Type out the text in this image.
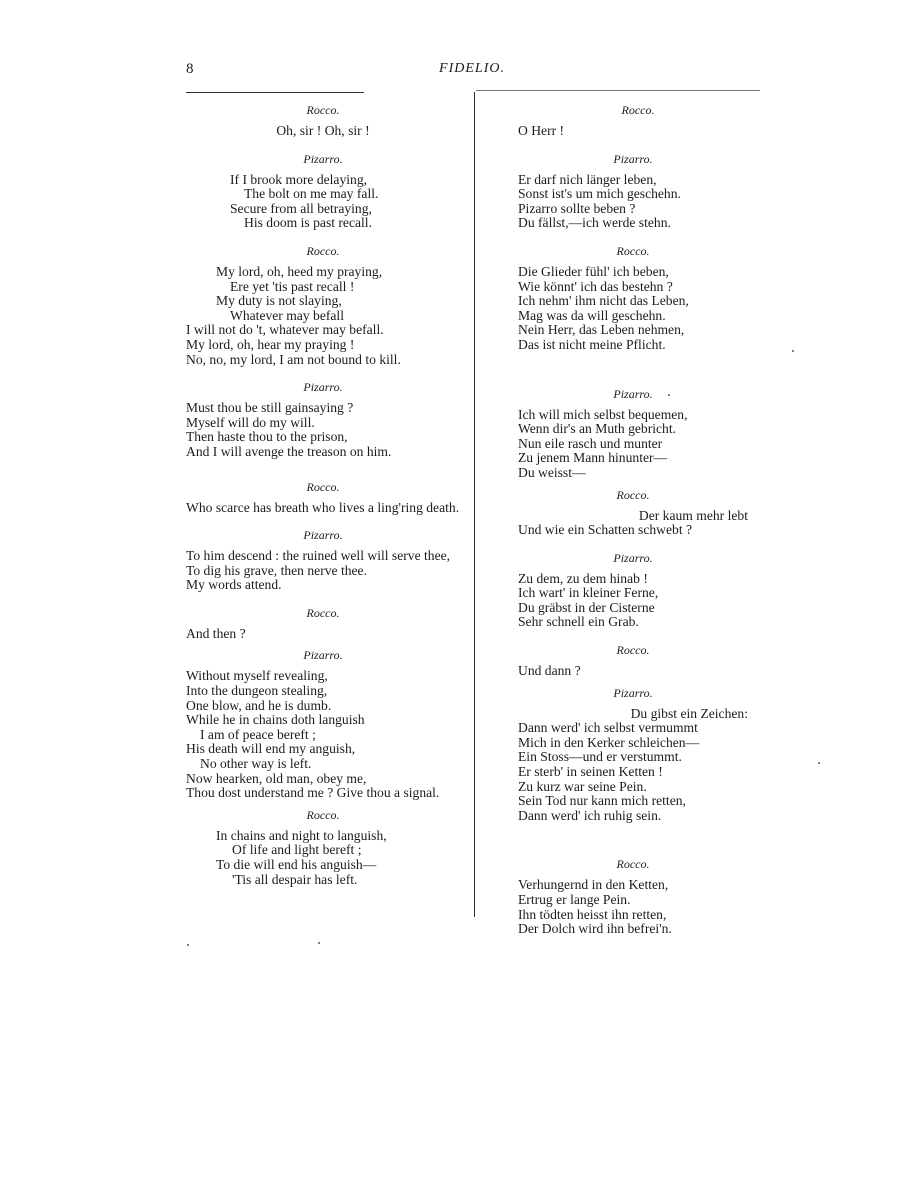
8	FIDELIO.
Rocco.
Oh, sir ! Oh, sir !
Pizarro.
If I brook more delaying,
The bolt on me may fall.
Secure from all betraying,
His doom is past recall.
Rocco.
My lord, oh, heed my praying,
Ere yet 'tis past recall !
My duty is not slaying,
Whatever may befall
I will not do 't, whatever may befall.
My lord, oh, hear my praying !
No, no, my lord, I am not bound to kill.
Pizarro.
Must thou be still gainsaying ?
Myself will do my will.
Then haste thou to the prison,
And I will avenge the treason on him.
Rocco.
Who scarce has breath who lives a ling'ring death.
Pizarro.
To him descend : the ruined well will serve thee,
To dig his grave, then nerve thee.
My words attend.
Rocco.
And then ?
Pizarro.
Without myself revealing,
Into the dungeon stealing,
One blow, and he is dumb.
While he in chains doth languish
I am of peace bereft ;
His death will end my anguish,
No other way is left.
Now hearken, old man, obey me,
Thou dost understand me ? Give thou a signal.
Rocco.
In chains and night to languish,
Of life and light bereft ;
To die will end his anguish—
'Tis all despair has left.
Rocco.
O Herr !
Pizarro.
Er darf nich länger leben,
Sonst ist's um mich geschehn.
Pizarro sollte beben ?
Du fällst,—ich werde stehn.
Rocco.
Die Glieder fühl' ich beben,
Wie könnt' ich das bestehn ?
Ich nehm' ihm nicht das Leben,
Mag was da will geschehn.
Nein Herr, das Leben nehmen,
Das ist nicht meine Pflicht.
Pizarro.
Ich will mich selbst bequemen,
Wenn dir's an Muth gebricht.
Nun eile rasch und munter
Zu jenem Mann hinunter—
Du weisst—
Rocco.
Der kaum mehr lebt
Und wie ein Schatten schwebt ?
Pizarro.
Zu dem, zu dem hinab !
Ich wart' in kleiner Ferne,
Du gräbst in der Cisterne
Sehr schnell ein Grab.
Rocco.
Und dann ?
Pizarro.
Du gibst ein Zeichen:
Dann werd' ich selbst vermummt
Mich in den Kerker schleichen—
Ein Stoss—und er verstummt.
Er sterb' in seinen Ketten !
Zu kurz war seine Pein.
Sein Tod nur kann mich retten,
Dann werd' ich ruhig sein.
Rocco.
Verhungernd in den Ketten,
Ertrug er lange Pein.
Ihn tödten heisst ihn retten,
Der Dolch wird ihn befrei'n.
